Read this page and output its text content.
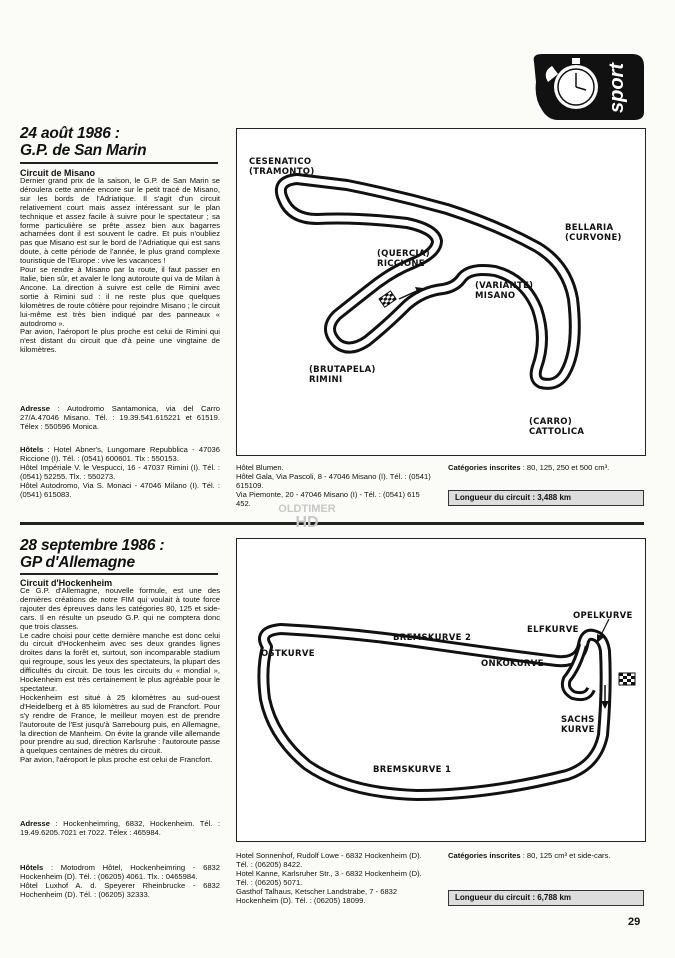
sport
24 août 1986 :
G.P. de San Marin
Circuit de Misano

Dernier grand prix de la saison, le G.P. de San Marin se déroulera cette année encore sur le petit tracé de Misano, sur les bords de l'Adriatique. Il s'agit d'un circuit relativement court mais assez intéressant sur le plan technique et assez facile à suivre pour le spectateur ; sa forme particulière se prête assez bien aux bagarres acharnées dont il est souvent le cadre. Et puis n'oubliez pas que Misano est sur le bord de l'Adriatique qui est sans doute, à cette période de l'année, le plus grand complexe touristique de l'Europe : vive les vacances !

Pour se rendre à Misano par la route, il faut passer en Italie, bien sûr, et avaler le long autoroute qui va de Milan à Ancone. La direction à suivre est celle de Rimini avec sortie à Rimini sud : il ne reste plus que quelques kilomètres de route côtière pour rejoindre Misano ; le circuit lui-même est très bien indiqué par des panneaux « autodromo ».

Par avion, l'aéroport le plus proche est celui de Rimini qui n'est distant du circuit que d'à peine une vingtaine de kilomètres.

Adresse : Autodromo Santamonica, via del Carro 27/A.47046 Misano. Tél. : 19.39.541.615221 et 61519. Télex : 550596 Monica.

Hôtels : Hotel Abner's, Lungomare Repubblica - 47036 Riccione (I). Tél. : (0541) 600601. Tlx : 550153.

Hôtel Impériale V. le Vespucci, 16 - 47037 Rimini (I). Tél. : (0541) 52255. Tlx. : 550273.

Hôtel Autodromo, Via S. Monaci - 47046 Milano (I). Tél. : (0541) 615083.

CESENATICO
(TRAMONTO)
BELLARIA
(CURVONE)
(QUERCIA)
RICCIONE
(VARIANTE)
MISANO
(BRUTAPELA)
RIMINI
(CARRO)
CATTOLICA

Hôtel Blumen.

Hôtel Gala, Via Pascoli, 8 - 47046 Misano (I). Tél. : (0541) 615109.

Via Piemonte, 20 - 47046 Misano (I) - Tél. : (0541) 615 452.

Catégories inscrites : 80, 125, 250 et 500 cm³.

Longueur du circuit : 3,488 km
OLDTIMER
HD
28 septembre 1986 :
GP d'Allemagne
Circuit d'Hockenheim

Ce G.P. d'Allemagne, nouvelle formule, est une des dernières créations de notre FIM qui voulait à toute force rajouter des épreuves dans les catégories 80, 125 et side-cars. Il en résulte un pseudo G.P. qui ne comptera donc que trois classes.

Le cadre choisi pour cette dernière manche est donc celui du circuit d'Hockenheim avec ses deux grandes lignes droites dans la forêt et, surtout, son incomparable stadium qui regroupe, sous les yeux des spectateurs, la plupart des difficultés du circuit. De tous les circuits du « mondial », Hockenheim est très certainement le plus agréable pour le spectateur.

Hockenheim est situé à 25 kilomètres au sud-ouest d'Heidelberg et à 85 kilomètres au sud de Francfort. Pour s'y rendre de France, le meilleur moyen est de prendre l'autoroute de l'Est jusqu'à Sarrebourg puis, en Allemagne, la direction de Manheim. On évite la grande ville allemande pour prendre au sud, direction Karlsruhe : l'autoroute passe à quelques centaines de mètres du circuit.

Par avion, l'aéroport le plus proche est celui de Francfort.

Adresse : Hockenheimring, 6832, Hockenheim. Tél. : 19.49.6205.7021 et 7022. Télex : 465984.

Hôtels : Motodrom Hôtel, Hockenheimring - 6832 Hockenheim (D). Tél. : (06205) 4061. Tlx. : 0465984.

Hôtel Luxhof A. d. Speyerer Rheinbrucke - 6832 Hochenheim (D). Tél. : (06205) 32333.

OPELKURVE
ELFKURVE
BREMSKURVE 2
OSTKURVE
ONKOKURVE
SACHS
KURVE
BREMSKURVE 1

Hotel Sonnenhof, Rudolf Lowe - 6832 Hockenheim (D). Tél. : (06205) 8422.

Hotel Kanne, Karlsruher Str., 3 - 6832 Hockenheim (D). Tél. : (06205) 5071.

Gasthof Talhaus, Ketscher Landstrabe, 7 - 6832 Hockenheim (D). Tél. : (06205) 18099.

Catégories inscrites : 80, 125 cm³ et side-cars.

Longueur du circuit : 6,788 km
29
